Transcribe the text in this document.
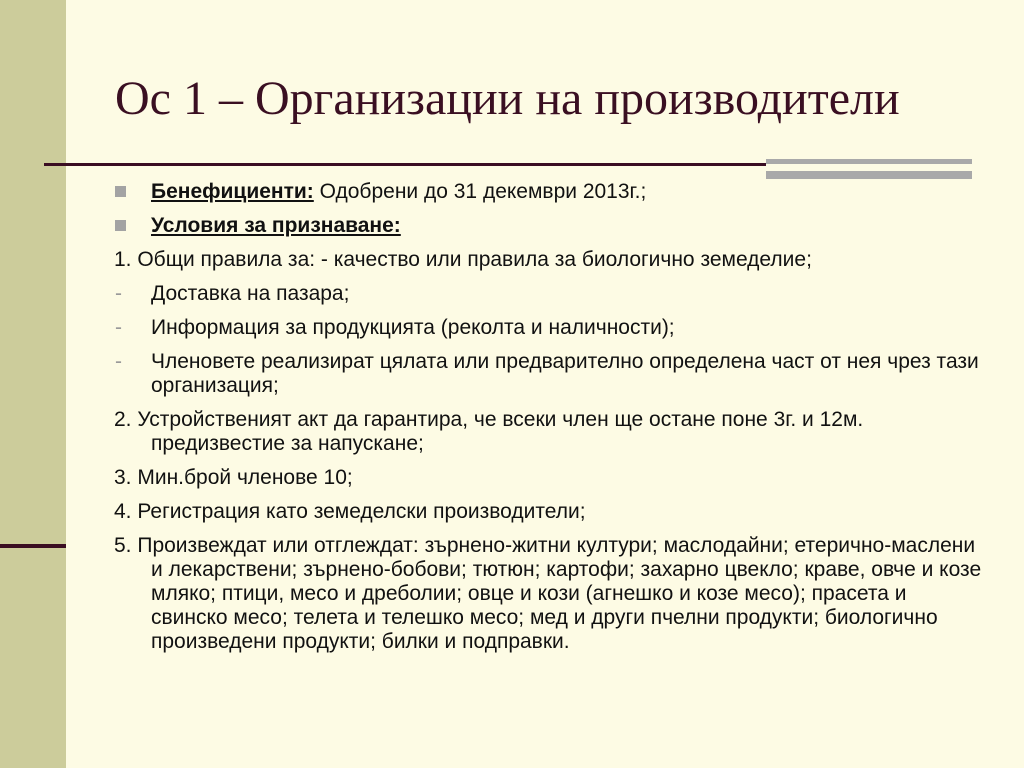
Ос 1 – Организации на производители
Бенефициенти: Одобрени до 31 декември 2013г.;
Условия за признаване:
1. Общи правила за: - качество или правила за биологично земеделие;
- Доставка на пазара;
- Информация за продукцията (реколта и наличности);
- Членовете реализират цялата или предварително определена част от нея чрез тази организация;
2. Устройственият акт да гарантира, че всеки член ще остане поне 3г. и 12м. предизвестие за напускане;
3. Мин.брой членове 10;
4. Регистрация като земеделски производители;
5. Произвеждат или отглеждат: зърнено-житни култури; маслодайни; етерично-маслени и лекарствени; зърнено-бобови; тютюн; картофи; захарно цвекло; краве, овче и козе мляко; птици, месо и дреболии; овце и кози (агнешко и козе месо); прасета и свинско месо; телета и телешко месо; мед и други пчелни продукти; биологично произведени продукти; билки и подправки.
